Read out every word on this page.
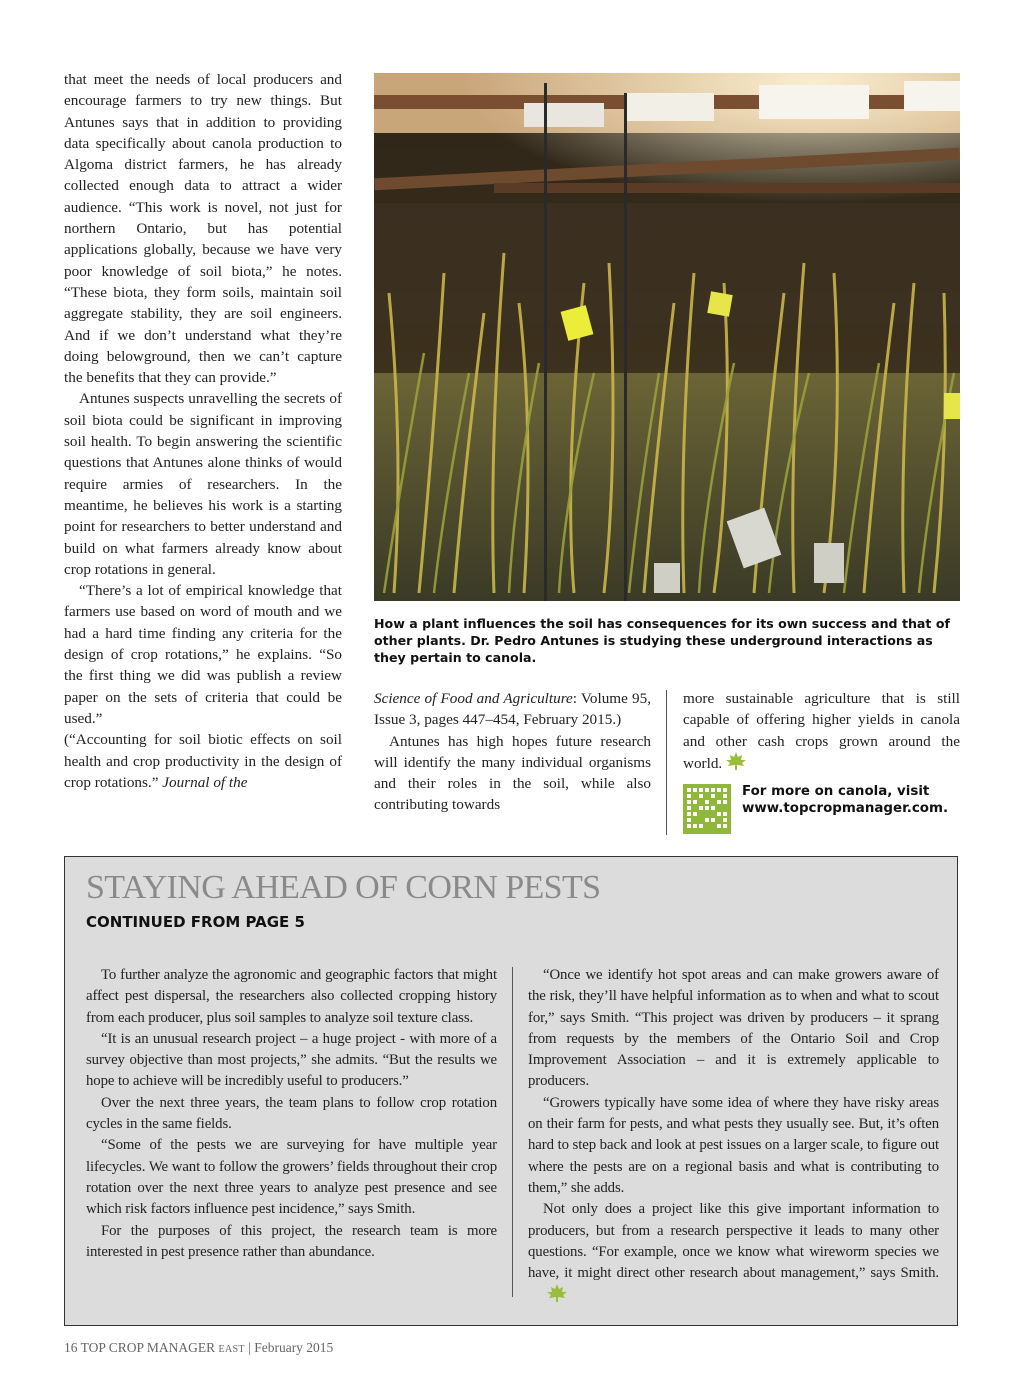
that meet the needs of local producers and encourage farmers to try new things. But Antunes says that in addition to providing data specifically about canola production to Algoma district farmers, he has already collected enough data to attract a wider audience. “This work is novel, not just for northern Ontario, but has potential applications globally, because we have very poor knowledge of soil biota,” he notes. “These biota, they form soils, maintain soil aggregate stability, they are soil engineers. And if we don’t understand what they’re doing belowground, then we can’t capture the benefits that they can provide.”

Antunes suspects unravelling the secrets of soil biota could be significant in improving soil health. To begin answering the scientific questions that Antunes alone thinks of would require armies of researchers. In the meantime, he believes his work is a starting point for researchers to better understand and build on what farmers already know about crop rotations in general.

“There’s a lot of empirical knowledge that farmers use based on word of mouth and we had a hard time finding any criteria for the design of crop rotations,” he explains. “So the first thing we did was publish a review paper on the sets of criteria that could be used.”

(“Accounting for soil biotic effects on soil health and crop productivity in the design of crop rotations.” Journal of the

How a plant influences the soil has consequences for its own success and that of other plants. Dr. Pedro Antunes is studying these underground interactions as they pertain to canola.

Science of Food and Agriculture: Volume 95, Issue 3, pages 447–454, February 2015.)

Antunes has high hopes future research will identify the many individual organisms and their roles in the soil, while also contributing towards

more sustainable agriculture that is still capable of offering higher yields in canola and other cash crops grown around the world.

For more on canola, visit
www.topcropmanager.com.
STAYING AHEAD OF CORN PESTS
CONTINUED FROM PAGE 5

To further analyze the agronomic and geographic factors that might affect pest dispersal, the researchers also collected cropping history from each producer, plus soil samples to analyze soil texture class.

“It is an unusual research project – a huge project - with more of a survey objective than most projects,” she admits. “But the results we hope to achieve will be incredibly useful to producers.”

Over the next three years, the team plans to follow crop rotation cycles in the same fields.

“Some of the pests we are surveying for have multiple year lifecycles. We want to follow the growers’ fields throughout their crop rotation over the next three years to analyze pest presence and see which risk factors influence pest incidence,” says Smith.

For the purposes of this project, the research team is more interested in pest presence rather than abundance.

“Once we identify hot spot areas and can make growers aware of the risk, they’ll have helpful information as to when and what to scout for,” says Smith. “This project was driven by producers – it sprang from requests by the members of the Ontario Soil and Crop Improvement Association – and it is extremely applicable to producers.

“Growers typically have some idea of where they have risky areas on their farm for pests, and what pests they usually see. But, it’s often hard to step back and look at pest issues on a larger scale, to figure out where the pests are on a regional basis and what is contributing to them,” she adds.

Not only does a project like this give important information to producers, but from a research perspective it leads to many other questions. “For example, once we know what wireworm species we have, it might direct other research about management,” says Smith.

16 TOP CROP MANAGER EAST | February 2015
